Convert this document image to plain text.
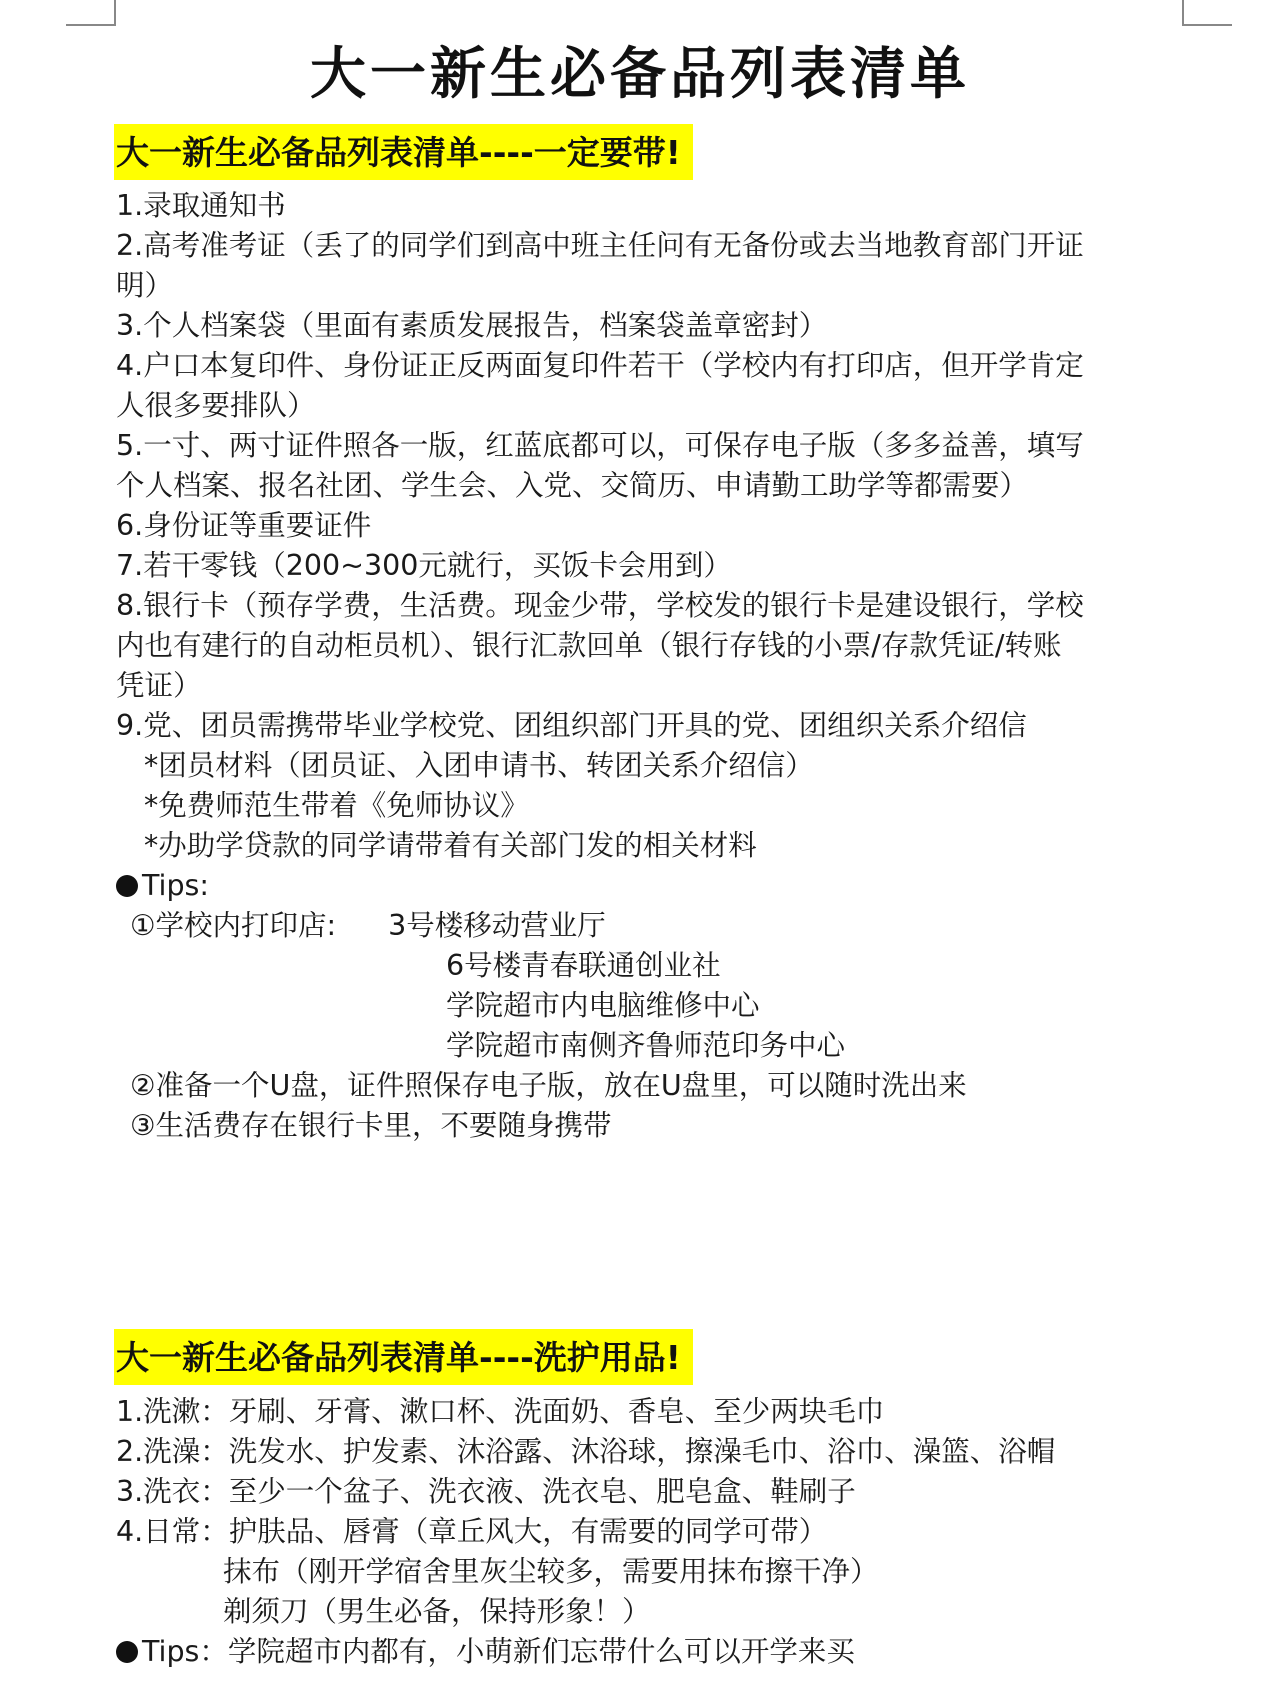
大一新生必备品列表清单
大一新生必备品列表清单----一定要带!
1.录取通知书
2.高考准考证（丢了的同学们到高中班主任问有无备份或去当地教育部门开证
明）
3.个人档案袋（里面有素质发展报告，档案袋盖章密封）
4.户口本复印件、身份证正反两面复印件若干（学校内有打印店，但开学肯定
人很多要排队）
5.一寸、两寸证件照各一版，红蓝底都可以，可保存电子版（多多益善，填写
个人档案、报名社团、学生会、入党、交简历、申请勤工助学等都需要）
6.身份证等重要证件
7.若干零钱（200~300元就行，买饭卡会用到）
8.银行卡（预存学费，生活费。现金少带，学校发的银行卡是建设银行，学校
内也有建行的自动柜员机）、银行汇款回单（银行存钱的小票/存款凭证/转账
凭证）
9.党、团员需携带毕业学校党、团组织部门开具的党、团组织关系介绍信
*团员材料（团员证、入团申请书、转团关系介绍信）
*免费师范生带着《免师协议》
*办助学贷款的同学请带着有关部门发的相关材料
Tips:
①学校内打印店: 3号楼移动营业厅
6号楼青春联通创业社
学院超市内电脑维修中心
学院超市南侧齐鲁师范印务中心
②准备一个U盘，证件照保存电子版，放在U盘里，可以随时洗出来
③生活费存在银行卡里，不要随身携带
大一新生必备品列表清单----洗护用品!
1.洗漱：牙刷、牙膏、漱口杯、洗面奶、香皂、至少两块毛巾
2.洗澡：洗发水、护发素、沐浴露、沐浴球，擦澡毛巾、浴巾、澡篮、浴帽
3.洗衣：至少一个盆子、洗衣液、洗衣皂、肥皂盒、鞋刷子
4.日常：护肤品、唇膏（章丘风大，有需要的同学可带）
抹布（刚开学宿舍里灰尘较多，需要用抹布擦干净）
剃须刀（男生必备，保持形象！）
Tips：学院超市内都有，小萌新们忘带什么可以开学来买
